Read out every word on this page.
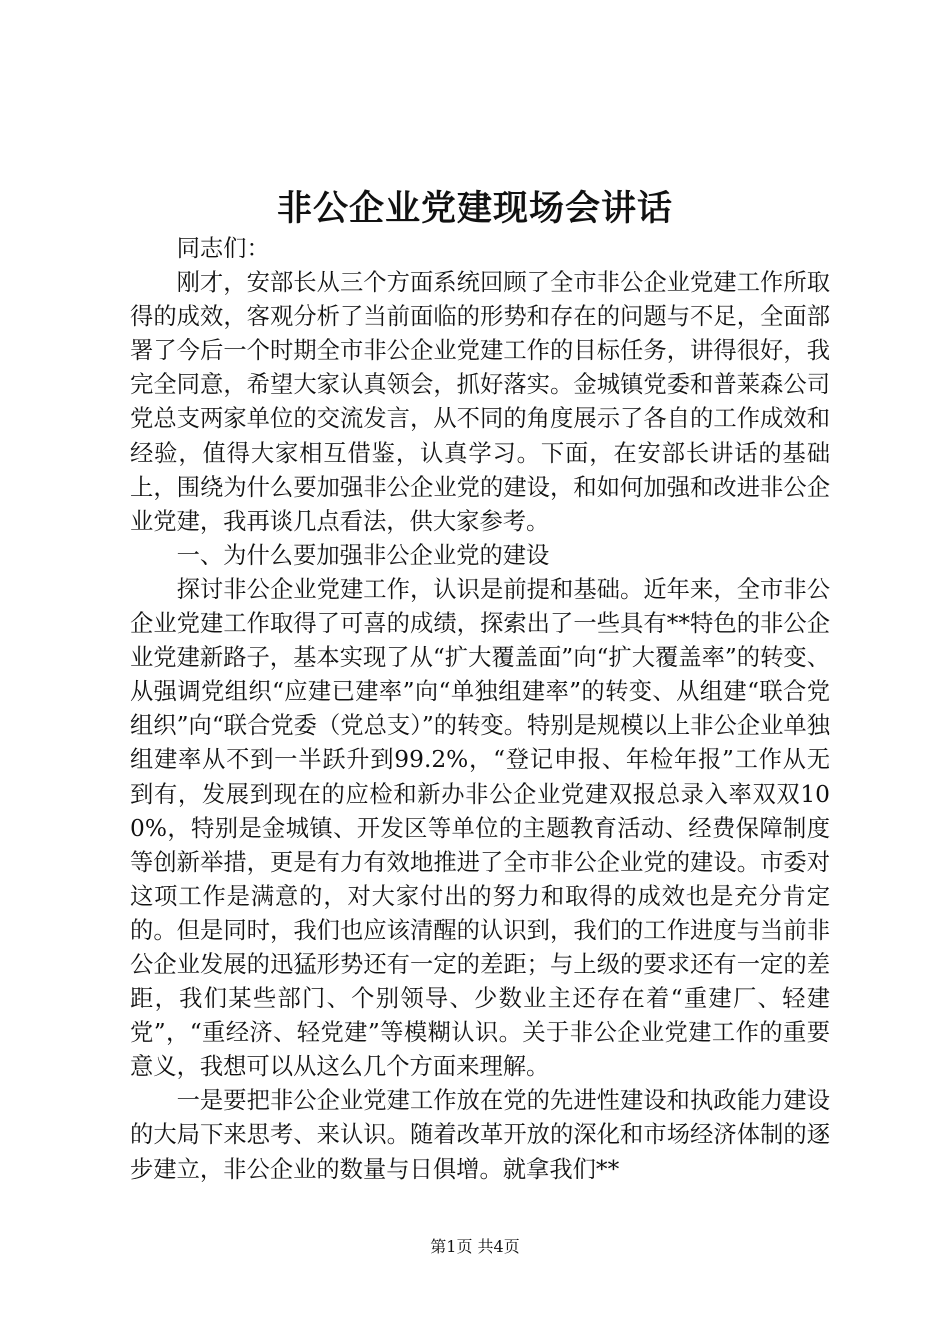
非公企业党建现场会讲话

同志们：

刚才，安部长从三个方面系统回顾了全市非公企业党建工作所取得的成效，客观分析了当前面临的形势和存在的问题与不足，全面部署了今后一个时期全市非公企业党建工作的目标任务，讲得很好，我完全同意，希望大家认真领会，抓好落实。金城镇党委和普莱森公司党总支两家单位的交流发言，从不同的角度展示了各自的工作成效和经验，值得大家相互借鉴，认真学习。下面，在安部长讲话的基础上，围绕为什么要加强非公企业党的建设，和如何加强和改进非公企业党建，我再谈几点看法，供大家参考。

一、为什么要加强非公企业党的建设

探讨非公企业党建工作，认识是前提和基础。近年来，全市非公企业党建工作取得了可喜的成绩，探索出了一些具有**特色的非公企业党建新路子，基本实现了从“扩大覆盖面”向“扩大覆盖率”的转变、从强调党组织“应建已建率”向“单独组建率”的转变、从组建“联合党组织”向“联合党委（党总支）”的转变。特别是规模以上非公企业单独组建率从不到一半跃升到99.2%，“登记申报、年检年报”工作从无到有，发展到现在的应检和新办非公企业党建双报总录入率双双100%，特别是金城镇、开发区等单位的主题教育活动、经费保障制度等创新举措，更是有力有效地推进了全市非公企业党的建设。市委对这项工作是满意的，对大家付出的努力和取得的成效也是充分肯定的。但是同时，我们也应该清醒的认识到，我们的工作进度与当前非公企业发展的迅猛形势还有一定的差距；与上级的要求还有一定的差距，我们某些部门、个别领导、少数业主还存在着“重建厂、轻建党”，“重经济、轻党建”等模糊认识。关于非公企业党建工作的重要意义，我想可以从这么几个方面来理解。

一是要把非公企业党建工作放在党的先进性建设和执政能力建设的大局下来思考、来认识。随着改革开放的深化和市场经济体制的逐步建立，非公企业的数量与日俱增。就拿我们**

第1页 共4页
